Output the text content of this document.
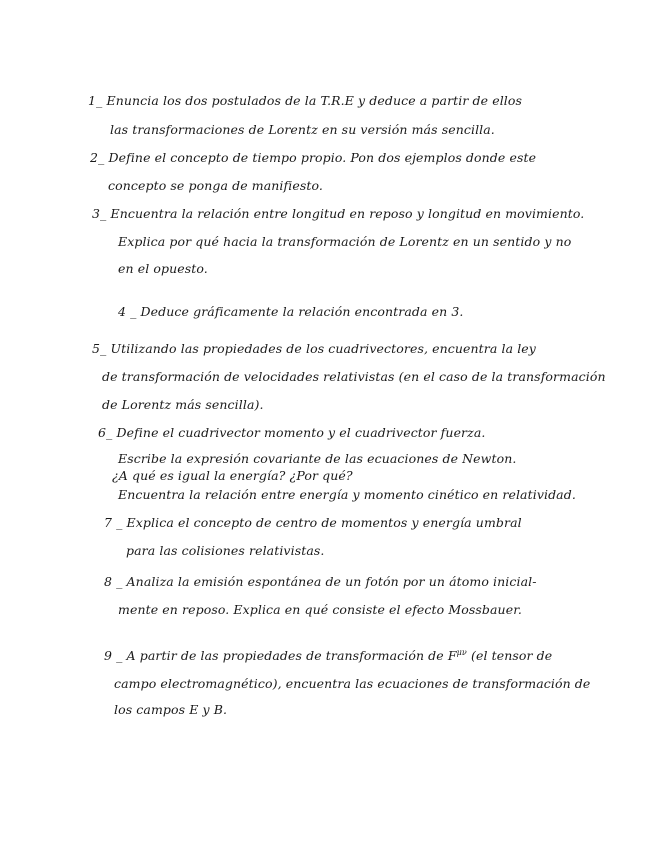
1_ Enuncia los dos postulados de la T.R.E y deduce a partir de ellos
las transformaciones de Lorentz en su versión más sencilla.
2_ Define el concepto de tiempo propio. Pon dos ejemplos donde este
concepto se ponga de manifiesto.
3_ Encuentra la relación entre longitud en reposo y longitud en movimiento.
Explica por qué hacia la transformación de Lorentz en un sentido y no
en el opuesto.
4 _ Deduce gráficamente la relación encontrada en 3.
5_ Utilizando las propiedades de los cuadrivectores, encuentra la ley
de transformación de velocidades relativistas (en el caso de la transformación
de Lorentz más sencilla).
6_ Define el cuadrivector momento y el cuadrivector fuerza.
Escribe la expresión covariante de las ecuaciones de Newton.
¿A qué es igual la energía? ¿Por qué?
Encuentra la relación entre energía y momento cinético en relatividad.
7 _ Explica el concepto de centro de momentos y energía umbral
para las colisiones relativistas.
8 _ Analiza la emisión espontánea de un fotón por un átomo inicial-
mente en reposo. Explica en qué consiste el efecto Mossbauer.
9 _ A partir de las propiedades de transformación de $F^{\mu\nu}$ (el tensor de
campo electromagnético), encuentra las ecuaciones de transformación de
los campos E y B.
